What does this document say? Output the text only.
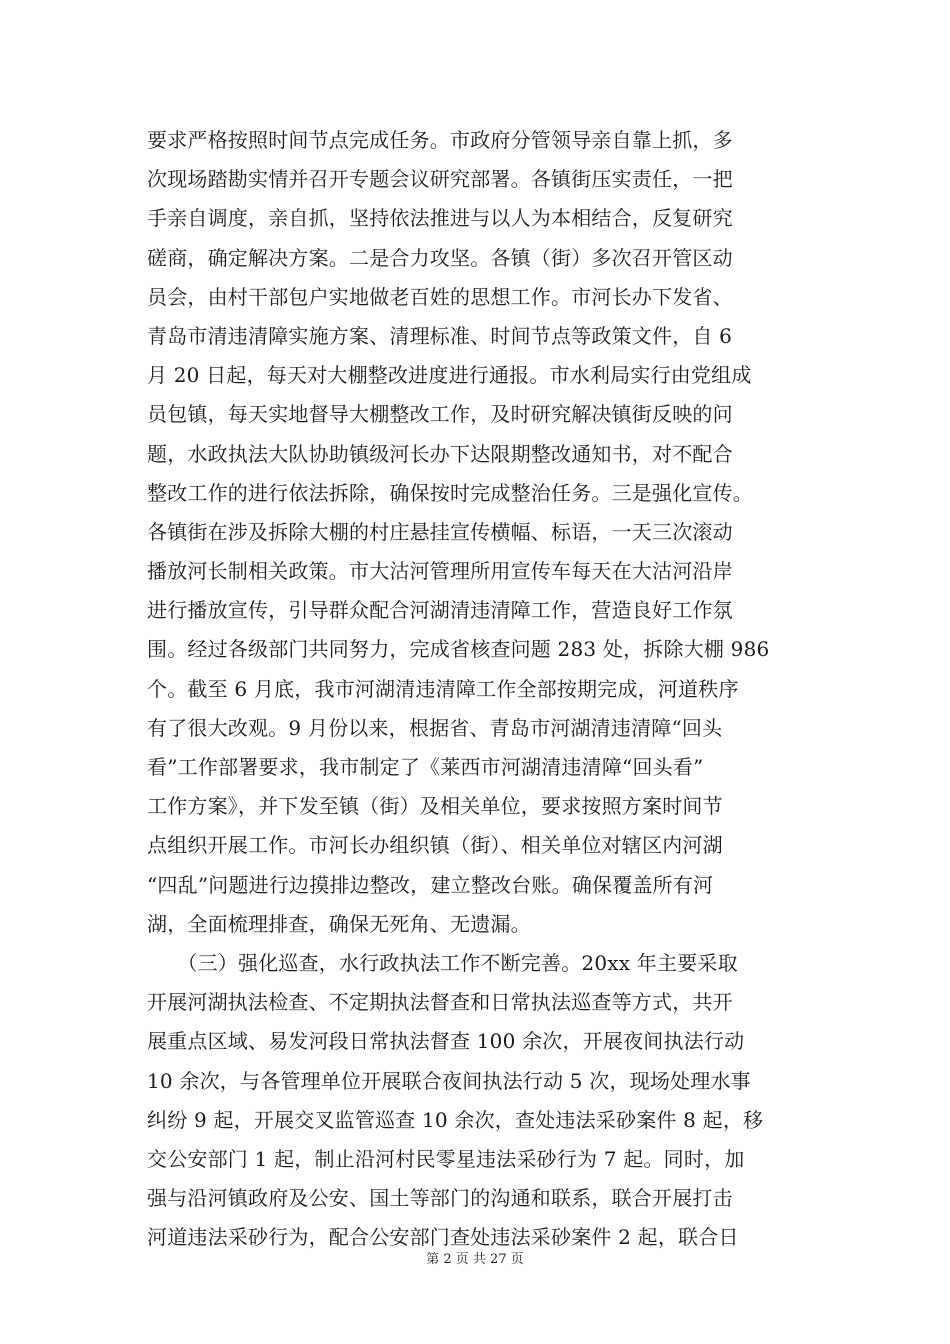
要求严格按照时间节点完成任务。市政府分管领导亲自靠上抓，多
次现场踏勘实情并召开专题会议研究部署。各镇街压实责任，一把
手亲自调度，亲自抓，坚持依法推进与以人为本相结合，反复研究
磋商，确定解决方案。二是合力攻坚。各镇（街）多次召开管区动
员会，由村干部包户实地做老百姓的思想工作。市河长办下发省、
青岛市清违清障实施方案、清理标准、时间节点等政策文件，自 6
月 20 日起，每天对大棚整改进度进行通报。市水利局实行由党组成
员包镇，每天实地督导大棚整改工作，及时研究解决镇街反映的问
题，水政执法大队协助镇级河长办下达限期整改通知书，对不配合
整改工作的进行依法拆除，确保按时完成整治任务。三是强化宣传。
各镇街在涉及拆除大棚的村庄悬挂宣传横幅、标语，一天三次滚动
播放河长制相关政策。市大沽河管理所用宣传车每天在大沽河沿岸
进行播放宣传，引导群众配合河湖清违清障工作，营造良好工作氛
围。经过各级部门共同努力，完成省核查问题 283 处，拆除大棚 986
个。截至 6 月底，我市河湖清违清障工作全部按期完成，河道秩序
有了很大改观。9 月份以来，根据省、青岛市河湖清违清障“回头
看”工作部署要求，我市制定了《莱西市河湖清违清障“回头看”
工作方案》，并下发至镇（街）及相关单位，要求按照方案时间节
点组织开展工作。市河长办组织镇（街）、相关单位对辖区内河湖
“四乱”问题进行边摸排边整改，建立整改台账。确保覆盖所有河
湖，全面梳理排查，确保无死角、无遗漏。
　　（三）强化巡查，水行政执法工作不断完善。20xx 年主要采取
开展河湖执法检查、不定期执法督查和日常执法巡查等方式，共开
展重点区域、易发河段日常执法督查 100 余次，开展夜间执法行动
10 余次，与各管理单位开展联合夜间执法行动 5 次，现场处理水事
纠纷 9 起，开展交叉监管巡查 10 余次，查处违法采砂案件 8 起，移
交公安部门 1 起，制止沿河村民零星违法采砂行为 7 起。同时，加
强与沿河镇政府及公安、国土等部门的沟通和联系，联合开展打击
河道违法采砂行为，配合公安部门查处违法采砂案件 2 起，联合日
第 2 页 共 27 页
